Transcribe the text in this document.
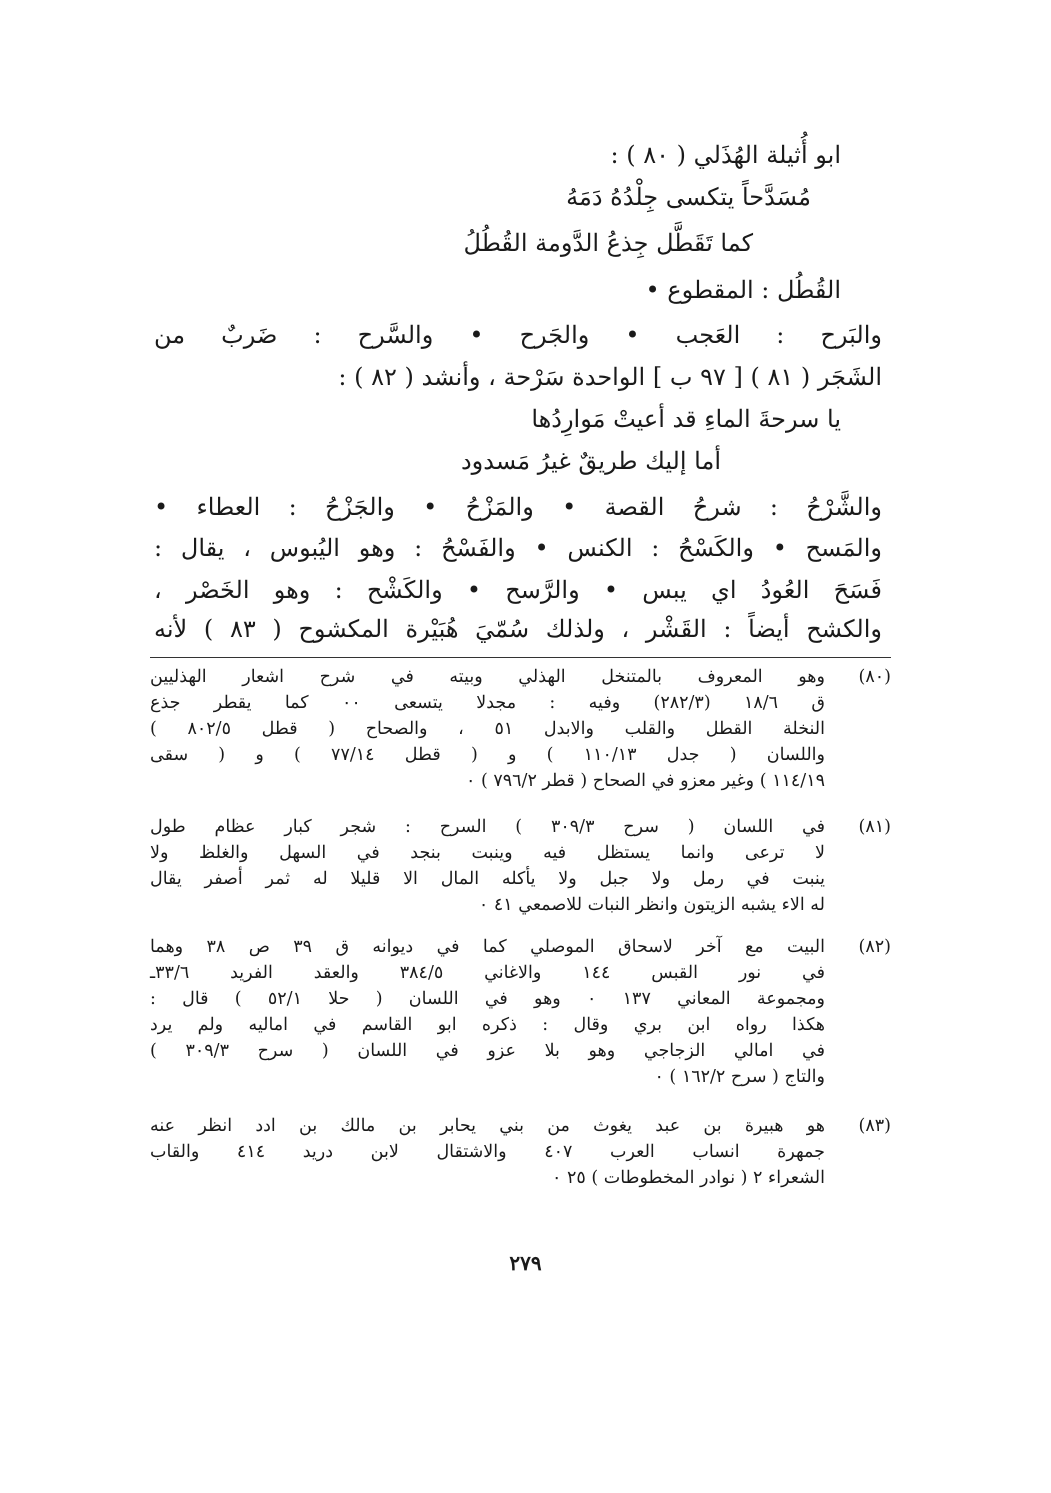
ابو أُثيلة الهُذَلي ( ٨٠ ) :
مُسَدَّحاً يتكسى جِلْدُهُ دَمَهُ
كما تَقَطَّل جِذعُ الدَّومة القُطُلُ
القُطُل : المقطوع •
والبَرح : العَجب • والجَرح • والسَّرح : ضَربٌ من
الشَجَر ( ٨١ ) [ ٩٧ ب ] الواحدة سَرْحة ، وأنشد ( ٨٢ ) :
يا سرحةَ الماءِ قد أعيتْ مَوارِدُها
أما إليك طريقٌ غيرُ مَسدود
والشَّرْحُ : شرحُ القصة • والمَزْحُ • والجَزْحُ : العطاء •
والمَسح • والكَسْحُ : الكنس • والفَسْحُ : وهو اليُبوس ، يقال :
فَسَحَ العُودُ اي يبس • والرَّسح • والكَشْح : وهو الخَصْر ،
والكشح أيضاً : القَشْر ، ولذلك سُمّيَ هُبَيْرة المكشوح ( ٨٣ ) لأنه
(٨٠)
وهو المعروف بالمتنخل الهذلي وبيته في شرح اشعار الهذليين
ق ١٨/٦ (٢٨٢/٣) وفيه : مجدلا يتسعى ٠٠ كما يقطر جذع
النخلة القطل والقلب والابدل ٥١ ، والصحاح ( قطل ٨٠٢/٥ )
واللسان ( جدل ١١٠/١٣ ) و ( قطل ٧٧/١٤ ) و ( سقى
١١٤/١٩ ) وغير معزو في الصحاح ( قطر ٧٩٦/٢ ) ٠
(٨١)
في اللسان ( سرح ٣٠٩/٣ ) السرح : شجر كبار عظام طول
لا ترعى وانما يستظل فيه وينبت بنجد في السهل والغلظ ولا
ينبت في رمل ولا جبل ولا يأكله المال الا قليلا له ثمر أصفر يقال
له الاء يشبه الزيتون وانظر النبات للاصمعي ٤١ ٠
(٨٢)
البيت مع آخر لاسحاق الموصلي كما في ديوانه ق ٣٩ ص ٣٨ وهما
في نور القبس ١٤٤ والاغاني ٣٨٤/٥ والعقد الفريد ٣٣/٦ـ
ومجموعة المعاني ١٣٧ ٠ وهو في اللسان ( حلا ٥٢/١ ) قال :
هكذا رواه ابن بري وقال : ذكره ابو القاسم في اماليه ولم يرد
في امالي الزجاجي وهو بلا عزو في اللسان ( سرح ٣٠٩/٣ )
والتاج ( سرح ١٦٢/٢ ) ٠
(٨٣)
هو هبيرة بن عبد يغوث من بني يحابر بن مالك بن ادد انظر عنه
جمهرة انساب العرب ٤٠٧ والاشتقال لابن دريد ٤١٤ والقاب
الشعراء ٢ ( نوادر المخطوطات ) ٢٥ ٠
٢٧٩
